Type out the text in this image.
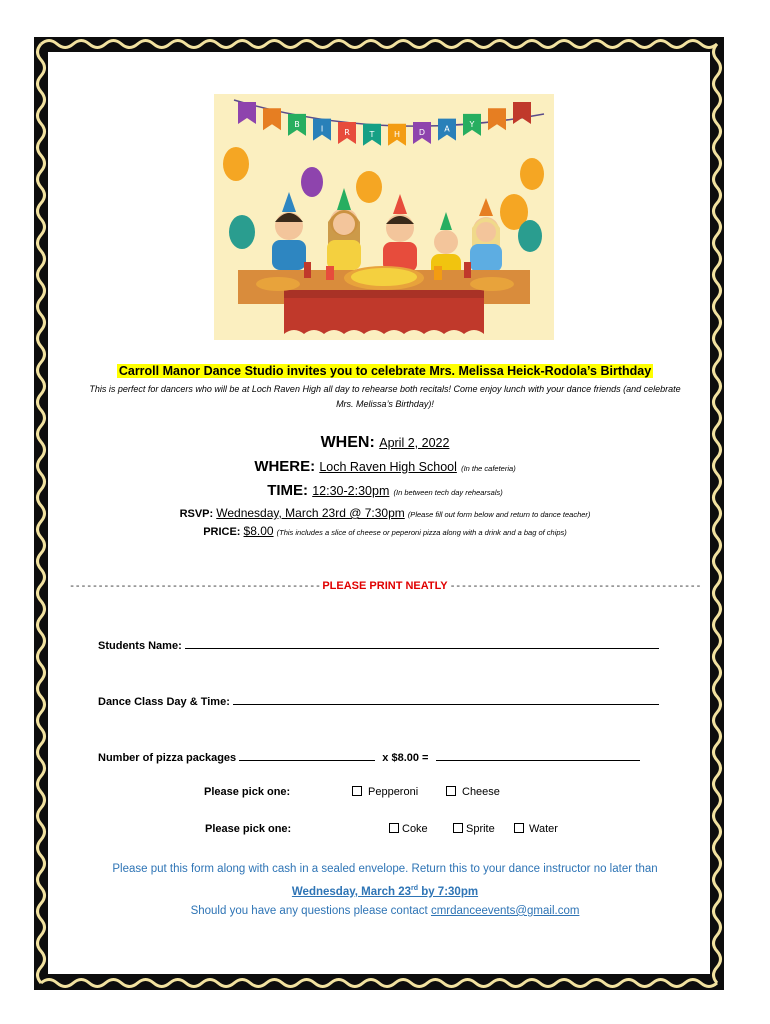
B
I	R T H D A
Y
Carroll Manor Dance Studio invites you to celebrate Mrs. Melissa Heick-Rodola’s Birthday
This is perfect for dancers who will be at Loch Raven High all day to rehearse both recitals! Come enjoy lunch with your dance friends (and celebrate Mrs. Melissa’s Birthday)!
WHEN: April 2, 2022
WHERE: Loch Raven High School (In the cafeteria)
TIME: 12:30-2:30pm (In between tech day rehearsals)
RSVP: Wednesday, March 23rd @ 7:30pm (Please fill out form below and return to dance teacher)
PRICE: $8.00 (This includes a slice of cheese or peperoni pizza along with a drink and a bag of chips)
- - - - - - - - - - - - - - - - - - - - - - - - - - - - - - - - - - - - - - - - - - - - PLEASE PRINT NEATLY - - - - - - - - - - - - - - - - - - - - - - - - - - - - - - - - - - - - - - - - - - - -
Students Name:
Dance Class Day & Time:
Number of pizza packages	x $8.00 =
Please pick one:	Pepperoni	Cheese
Please pick one:	Coke	Sprite	Water
Please put this form along with cash in a sealed envelope. Return this to your dance instructor no later than Wednesday, March 23rd by 7:30pm
Should you have any questions please contact cmrdanceevents@gmail.com
